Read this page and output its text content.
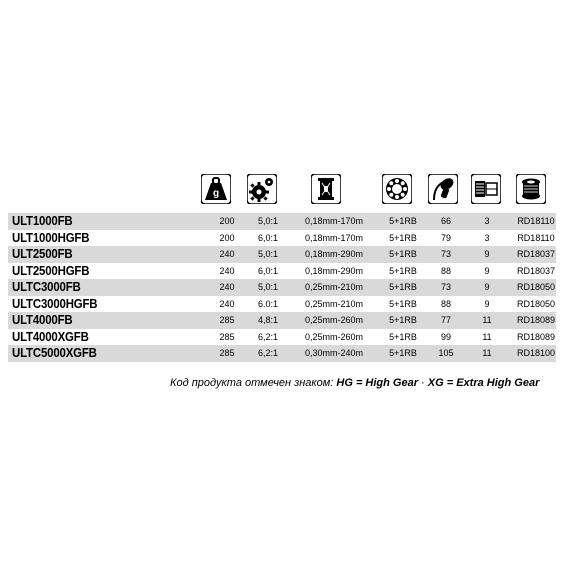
g
ULT1000FB	200	5,0:1	0,18mm-170m	5+1RB	66	3	RD18110
ULT1000HGFB	200	6,0:1	0,18mm-170m	5+1RB	79	3	RD18110
ULT2500FB	240	5,0:1	0,18mm-290m	5+1RB	73	9	RD18037
ULT2500HGFB	240	6,0:1	0,18mm-290m	5+1RB	88	9	RD18037
ULTC3000FB	240	5,0:1	0,25mm-210m	5+1RB	73	9	RD18050
ULTC3000HGFB	240	6.0:1	0,25mm-210m	5+1RB	88	9	RD18050
ULT4000FB	285	4,8:1	0,25mm-260m	5+1RB	77	11	RD18089
ULT4000XGFB	285	6,2:1	0,25mm-260m	5+1RB	99	11	RD18089
ULTC5000XGFB	285	6,2:1	0,30mm-240m	5+1RB	105	11	RD18100
Код продукта отмечен знаком: HG = High Gear · XG = Extra High Gear
